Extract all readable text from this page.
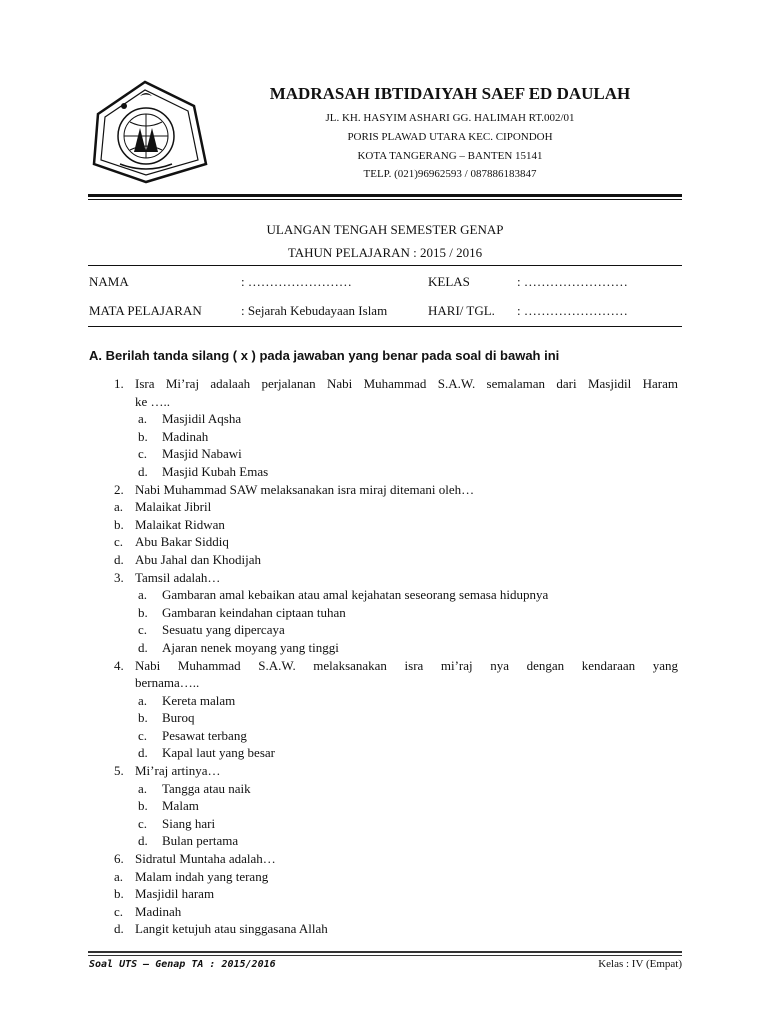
MADRASAH IBTIDAIYAH SAEF ED DAULAH
JL. KH. HASYIM ASHARI GG. HALIMAH RT.002/01
PORIS PLAWAD UTARA KEC. CIPONDOH
KOTA TANGERANG – BANTEN 15141
TELP. (021)96962593 / 087886183847
ULANGAN TENGAH SEMESTER GENAP
TAHUN PELAJARAN : 2015 / 2016
NAMA	: ……………………	KELAS	: ……………………
MATA PELAJARAN	: Sejarah Kebudayaan Islam	HARI/ TGL. : ……………………
A. Berilah tanda silang ( x ) pada jawaban yang benar pada soal di bawah ini
1. Isra Mi’raj adalaah perjalanan Nabi Muhammad S.A.W. semalaman dari Masjidil Haram
ke …..
a. Masjidil Aqsha
b. Madinah
c. Masjid Nabawi
d. Masjid Kubah Emas
2. Nabi Muhammad SAW melaksanakan isra miraj ditemani oleh…
a. Malaikat Jibril
b. Malaikat Ridwan
c. Abu Bakar Siddiq
d. Abu Jahal dan Khodijah
3. Tamsil adalah…
a. Gambaran amal kebaikan atau amal kejahatan seseorang semasa hidupnya
b. Gambaran keindahan ciptaan tuhan
c. Sesuatu yang dipercaya
d. Ajaran nenek moyang yang tinggi
4. Nabi Muhammad S.A.W. melaksanakan isra mi’raj nya dengan kendaraan yang
bernama…..
a. Kereta malam
b. Buroq
c. Pesawat terbang
d. Kapal laut yang besar
5. Mi’raj artinya…
a. Tangga atau naik
b. Malam
c. Siang hari
d. Bulan pertama
6. Sidratul Muntaha adalah…
a. Malam indah yang terang
b. Masjidil haram
c. Madinah
d. Langit ketujuh atau singgasana Allah
Soal UTS – Genap TA : 2015/2016	Kelas : IV (Empat)
